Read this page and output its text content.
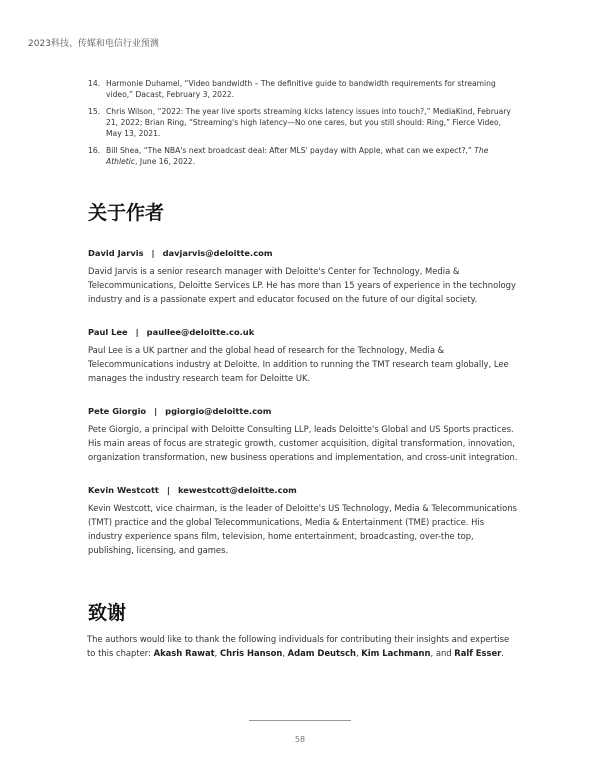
2023科技、传媒和电信行业预测
14. Harmonie Duhamel, “Video bandwidth – The definitive guide to bandwidth requirements for streaming video,” Dacast, February 3, 2022.
15. Chris Wilson, “2022: The year live sports streaming kicks latency issues into touch?,” MediaKind, February 21, 2022; Brian Ring, “Streaming's high latency—No one cares, but you still should: Ring,” Fierce Video, May 13, 2021.
16. Bill Shea, “The NBA's next broadcast deal: After MLS' payday with Apple, what can we expect?,” The Athletic, June 16, 2022.
关于作者
David Jarvis | davjarvis@deloitte.com
David Jarvis is a senior research manager with Deloitte's Center for Technology, Media & Telecommunications, Deloitte Services LP. He has more than 15 years of experience in the technology industry and is a passionate expert and educator focused on the future of our digital society.
Paul Lee | paullee@deloitte.co.uk
Paul Lee is a UK partner and the global head of research for the Technology, Media & Telecommunications industry at Deloitte. In addition to running the TMT research team globally, Lee manages the industry research team for Deloitte UK.
Pete Giorgio | pgiorgio@deloitte.com
Pete Giorgio, a principal with Deloitte Consulting LLP, leads Deloitte's Global and US Sports practices. His main areas of focus are strategic growth, customer acquisition, digital transformation, innovation, organization transformation, new business operations and implementation, and cross-unit integration.
Kevin Westcott | kewestcott@deloitte.com
Kevin Westcott, vice chairman, is the leader of Deloitte's US Technology, Media & Telecommunications (TMT) practice and the global Telecommunications, Media & Entertainment (TME) practice. His industry experience spans film, television, home entertainment, broadcasting, over-the top, publishing, licensing, and games.
致谢
The authors would like to thank the following individuals for contributing their insights and expertise to this chapter: Akash Rawat, Chris Hanson, Adam Deutsch, Kim Lachmann, and Ralf Esser.
58
